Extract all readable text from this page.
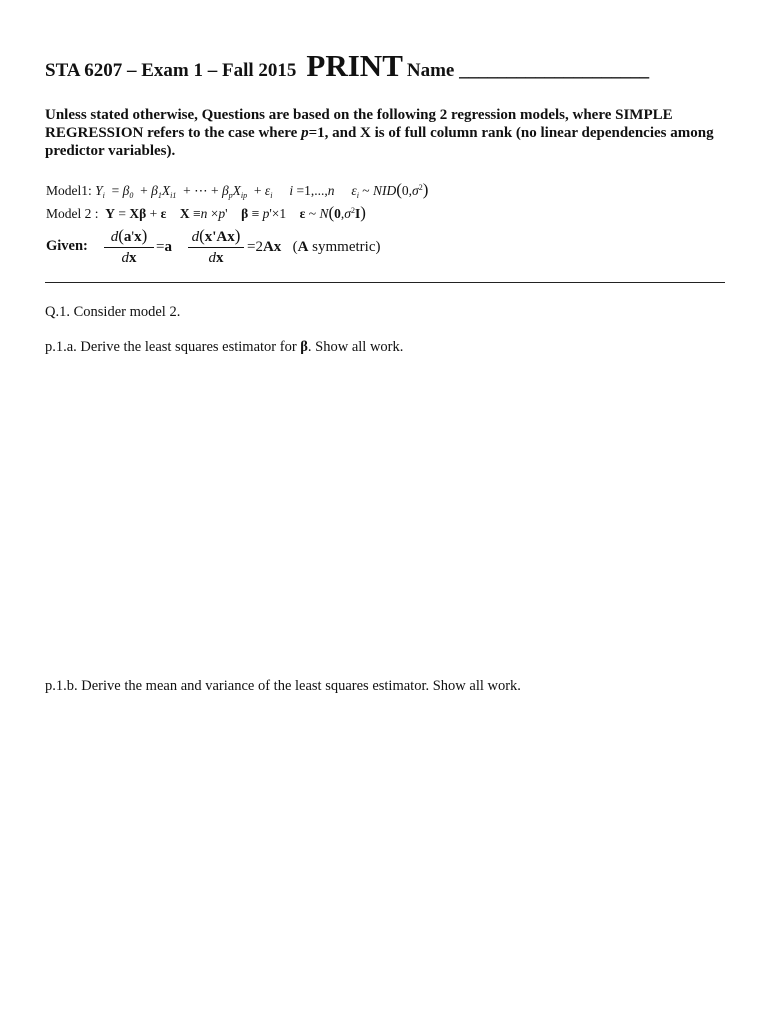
STA 6207 – Exam 1 – Fall 2015 PRINT Name ____________________
Unless stated otherwise, Questions are based on the following 2 regression models, where SIMPLE REGRESSION refers to the case where p=1, and X is of full column rank (no linear dependencies among predictor variables).
Model1: $Y_i = \beta_0 + \beta_1X_{i1}$  + ⋯ + $\beta_pX_{ip} + \varepsilon_i$ i =1,...,n $\varepsilon_i$ ~ $NID(0,\sigma^2)$
Model 2 : Y = Xβ + ε X ≡n ×p'    β ≡ p'×1    ε ~ $N(0,\sigma^2I)$
Given: $\frac{d(a'x)}{dx} =a \frac{d(x'Ax)}{dx} =2Ax$   (A symmetric)
Q.1. Consider model 2.
p.1.a. Derive the least squares estimator for β. Show all work.
p.1.b. Derive the mean and variance of the least squares estimator. Show all work.
